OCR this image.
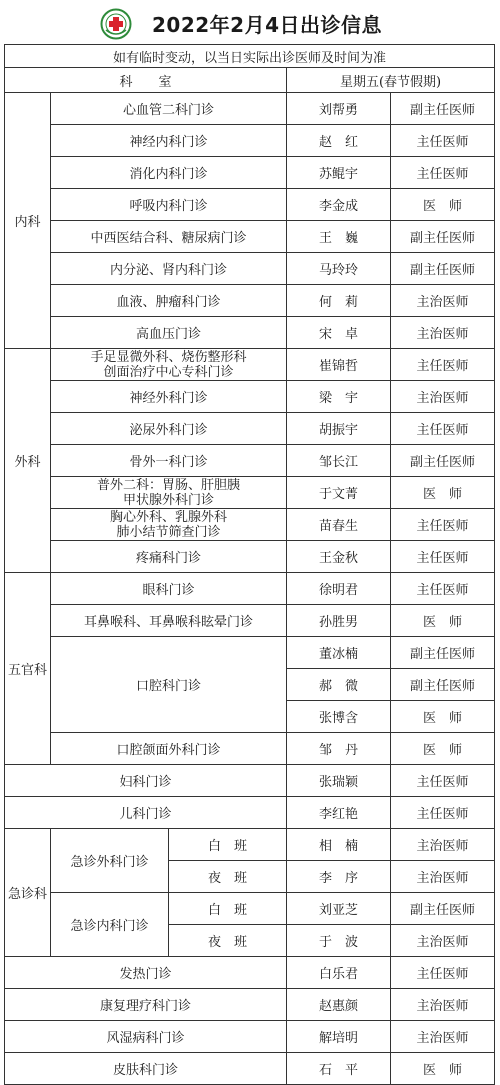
2022年2月4日出诊信息
如有临时变动，以当日实际出诊医师及时间为准				
科　　室			星期五(春节假期)	
内科	心血管二科门诊		刘帮勇	副主任医师
	神经内科门诊		赵　红	主任医师
	消化内科门诊		苏鲲宇	主任医师
	呼吸内科门诊		李金成	医　师
	中西医结合科、糖尿病门诊		王　巍	副主任医师
	内分泌、肾内科门诊		马玲玲	副主任医师
	血液、肿瘤科门诊		何　莉	主治医师
	高血压门诊		宋　卓	主治医师
外科	手足显微外科、烧伤整形科
创面治疗中心专科门诊		崔锦哲	主任医师
	神经外科门诊		梁　宇	主治医师
	泌尿外科门诊		胡振宇	主任医师
	骨外一科门诊		邹长江	副主任医师

	普外二科：胃肠、肝胆胰
甲状腺外科门诊		于文菁	医　师

	胸心外科、乳腺外科
肺小结节筛查门诊		苗春生	主任医师
	疼痛科门诊		王金秋	主任医师
五官科	眼科门诊		徐明君	主任医师
	耳鼻喉科、耳鼻喉科眩晕门诊		孙胜男	医　师
	口腔科门诊		董冰楠	副主任医师
			郝　微	副主任医师
			张博含	医　师
	口腔颌面外科门诊		邹　丹	医　师
妇科门诊			张瑞颖	主任医师
儿科门诊			李红艳	主任医师
急诊科	急诊外科门诊	白　班	相　楠	主治医师
		夜　班	李　序	主治医师
	急诊内科门诊	白　班	刘亚芝	副主任医师
		夜　班	于　波	主治医师
发热门诊			白乐君	主任医师
康复理疗科门诊			赵惠颜	主治医师
风湿病科门诊			解培明	主治医师
皮肤科门诊			石　平	医　师
